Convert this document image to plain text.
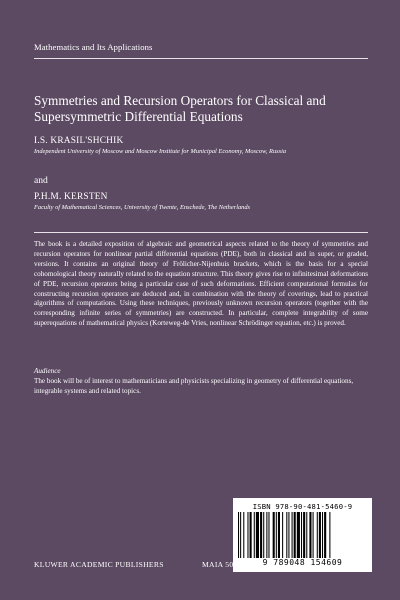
Mathematics and Its Applications
Symmetries and Recursion Operators for Classical and Supersymmetric Differential Equations
I.S. KRASIL'SHCHIK
Independent University of Moscow and Moscow Institute for Municipal Economy, Moscow, Russia
and
P.H.M. KERSTEN
Faculty of Mathematical Sciences, University of Twente, Enschede, The Netherlands
The book is a detailed exposition of algebraic and geometrical aspects related to the theory of symmetries and recursion operators for nonlinear partial differential equations (PDE), both in classical and in super, or graded, versions. It contains an original theory of Frölicher-Nijenhuis brackets, which is the basis for a special cohomological theory naturally related to the equation structure. This theory gives rise to infinitesimal deformations of PDE, recursion operators being a particular case of such deformations. Efficient computational formulas for constructing recursion operators are deduced and, in combination with the theory of coverings, lead to practical algorithms of computations. Using these techniques, previously unknown recursion operators (together with the corresponding infinite series of symmetries) are constructed. In particular, complete integrability of some superequations of mathematical physics (Korteweg-de Vries, nonlinear Schrödinger equation, etc.) is proved.
Audience
The book will be of interest to mathematicians and physicists specializing in geometry of differential equations, integrable systems and related topics.
ISBN 978-90-481-5460-9
9 789048 154609
KLUWER ACADEMIC PUBLISHERS	MAIA 507
